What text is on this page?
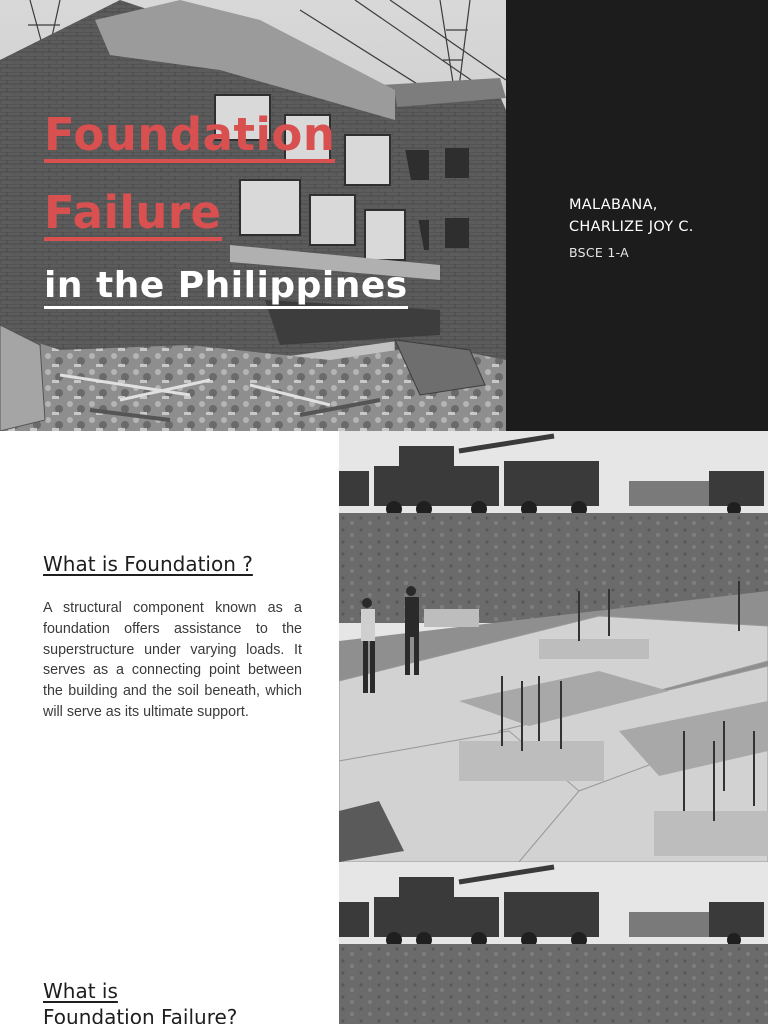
Foundation
Failure
in the Philippines

MALABANA,

CHARLIZE JOY C.

BSCE 1-A

What is Foundation ?

A structural component known as a foundation offers assistance to the superstructure under varying loads. It serves as a connecting point between the building and the soil beneath, which will serve as its ultimate support.

What is
Foundation Failure?
